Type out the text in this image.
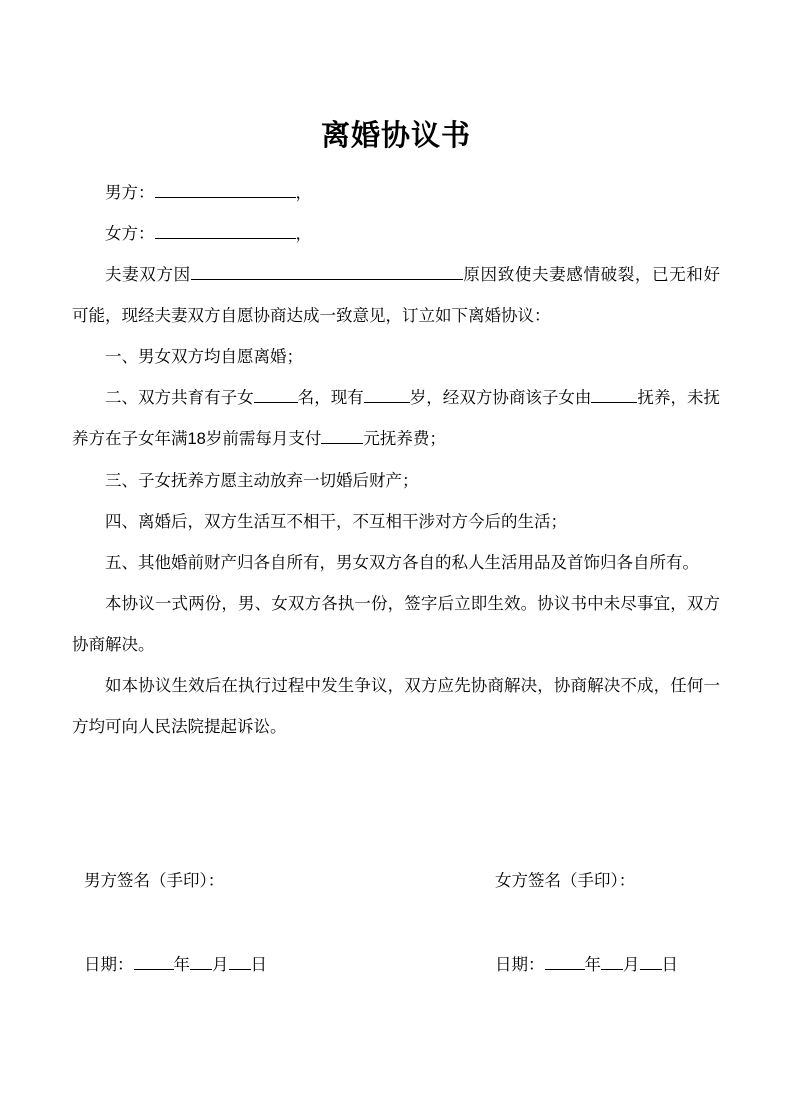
离婚协议书

男方：	，

女方：	，

夫妻双方因	原因致使夫妻感情破裂，已无和好可能，现经夫妻双方自愿协商达成一致意见，订立如下离婚协议：

一、男女双方均自愿离婚；

二、双方共育有子女	名，现有	岁，经双方协商该子女由	抚养，未抚养方在子女年满18岁前需每月支付	元抚养费；

三、子女抚养方愿主动放弃一切婚后财产；

四、离婚后，双方生活互不相干，不互相干涉对方今后的生活；

五、其他婚前财产归各自所有，男女双方各自的私人生活用品及首饰归各自所有。

本协议一式两份，男、女双方各执一份，签字后立即生效。协议书中未尽事宜，双方协商解决。

如本协议生效后在执行过程中发生争议，双方应先协商解决，协商解决不成，任何一方均可向人民法院提起诉讼。

男方签名（手印）：	女方签名（手印）：
日期： 年 月 日	日期： 年 月 日
